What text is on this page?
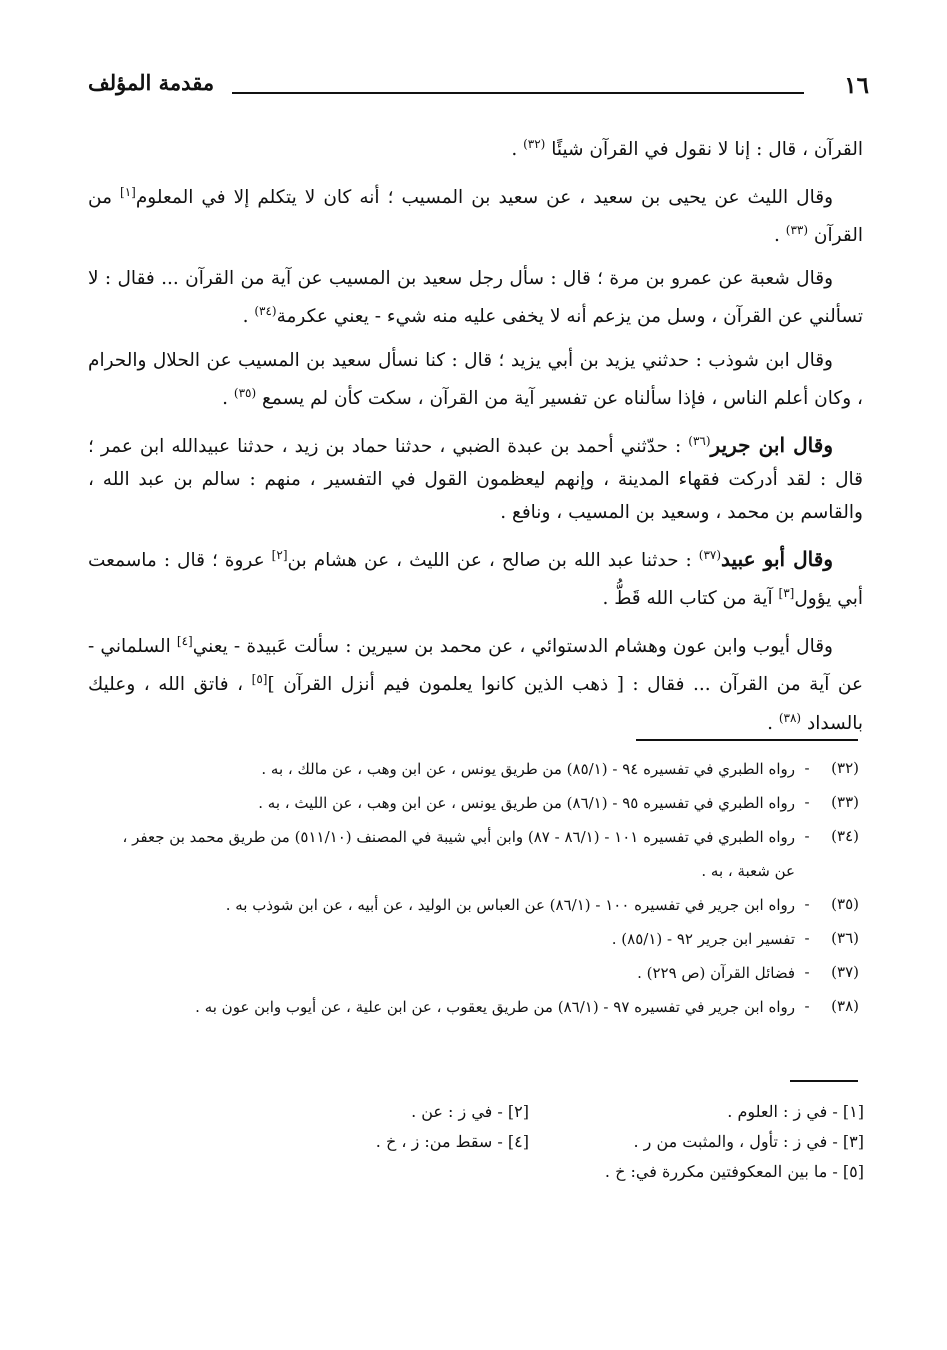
١٦
مقدمة المؤلف

القرآن ، قال : إنا لا نقول في القرآن شيئًا $^{(٣٢)}$ .

وقال الليث عن يحيى بن سعيد ، عن سعيد بن المسيب ؛ أنه كان لا يتكلم إلا في المعلوم[١] من القرآن $^{(٣٣)}$ .

وقال شعبة عن عمرو بن مرة ؛ قال : سأل رجل سعيد بن المسيب عن آية من القرآن ... فقال : لا تسألني عن القرآن ، وسل من يزعم أنه لا يخفى عليه منه شيء - يعني عكرمة$^{(٣٤)}$ .

وقال ابن شوذب : حدثني يزيد بن أبي يزيد ؛ قال : كنا نسأل سعيد بن المسيب عن الحلال والحرام ، وكان أعلم الناس ، فإذا سألناه عن تفسير آية من القرآن ، سكت كأن لم يسمع $^{(٣٥)}$ .

وقال ابن جرير$^{(٣٦)}$ : حدّثني أحمد بن عبدة الضبي ، حدثنا حماد بن زيد ، حدثنا عبيدالله ابن عمر ؛ قال : لقد أدركت فقهاء المدينة ، وإنهم ليعظمون القول في التفسير ، منهم : سالم بن عبد الله ، والقاسم بن محمد ، وسعيد بن المسيب ، ونافع .

وقال أبو عبيد$^{(٣٧)}$ : حدثنا عبد الله بن صالح ، عن الليث ، عن هشام بن[٢] عروة ؛ قال : ماسمعت أبي يؤول[٣] آية من كتاب الله قَطُّ .

وقال أيوب وابن عون وهشام الدستوائي ، عن محمد بن سيرين : سألت عَبيدة - يعني[٤] السلماني - عن آية من القرآن ... فقال : [ ذهب الذين كانوا يعلمون فيم أنزل القرآن ][٥] ، فاتق الله ، وعليك بالسداد $^{(٣٨)}$ .

(٣٢)
-
رواه الطبري في تفسيره ٩٤ - (٨٥/١) من طريق يونس ، عن ابن وهب ، عن مالك ، به .
(٣٣)
-
رواه الطبري في تفسيره ٩٥ - (٨٦/١) من طريق يونس ، عن ابن وهب ، عن الليث ، به .
(٣٤)
-
رواه الطبري في تفسيره ١٠١ - (٨٦/١ - ٨٧) وابن أبي شيبة في المصنف (٥١١/١٠) من طريق محمد بن جعفر ، عن شعبة ، به .
(٣٥)
-
رواه ابن جرير في تفسيره ١٠٠ - (٨٦/١) عن العباس بن الوليد ، عن أبيه ، عن ابن شوذب به .
(٣٦)
-
تفسير ابن جرير ٩٢ - (٨٥/١) .
(٣٧)
-
فضائل القرآن (ص ٢٢٩) .
(٣٨)
-
رواه ابن جرير في تفسيره ٩٧ - (٨٦/١) من طريق يعقوب ، عن ابن علية ، عن أيوب وابن عون به .
[١] - في ز : العلوم .
[٢] - في ز : عن .
[٣] - في ز : تأول ، والمثبت من ر .
[٤] - سقط من: ز ، خ .
[٥] - ما بين المعكوفتين مكررة في: خ .
